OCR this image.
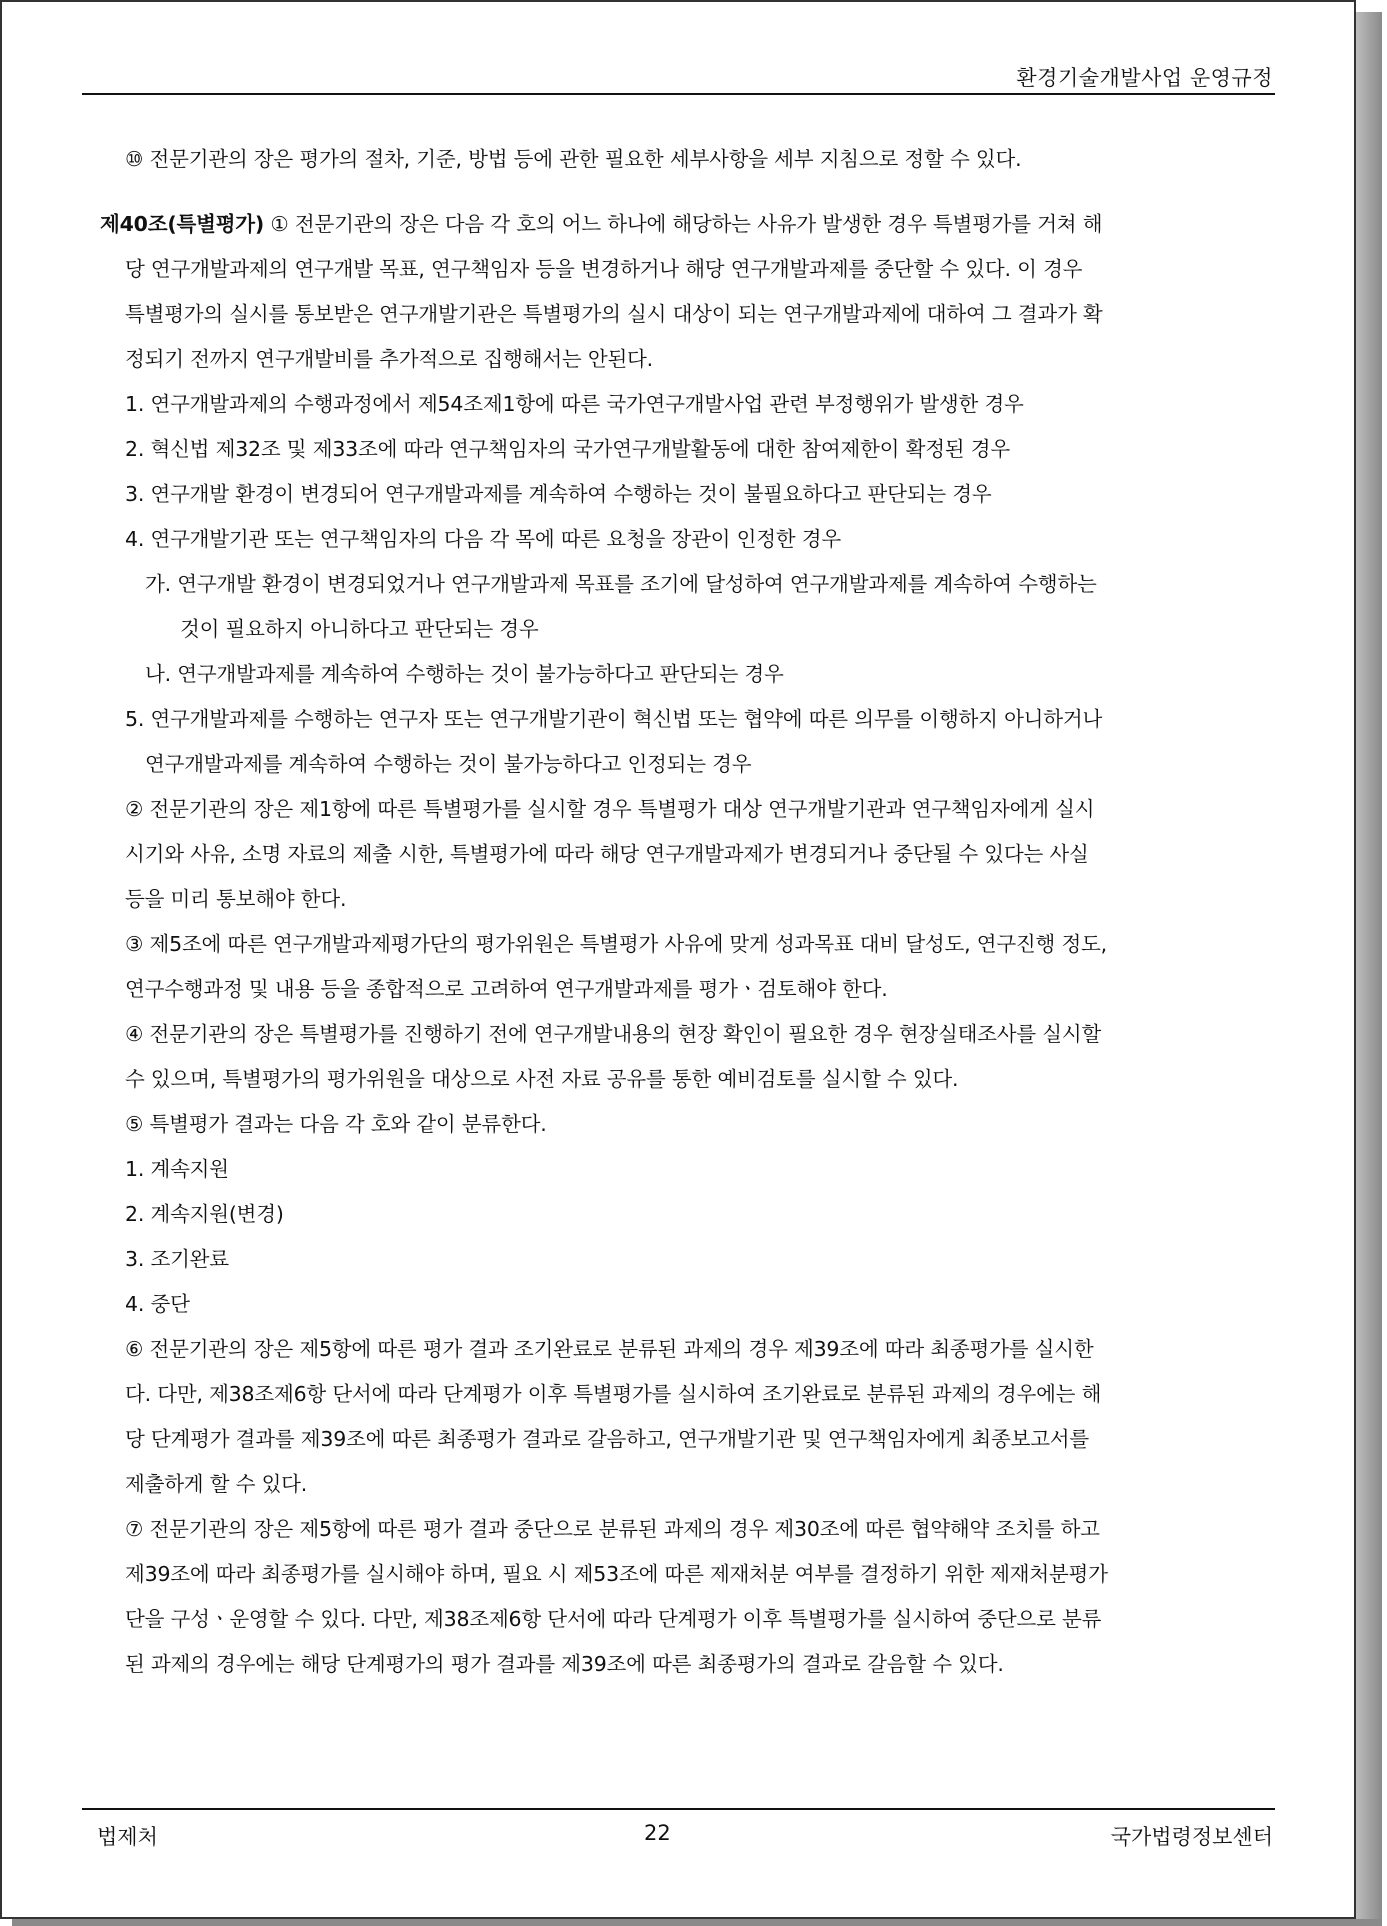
환경기술개발사업 운영규정
⑩ 전문기관의 장은 평가의 절차, 기준, 방법 등에 관한 필요한 세부사항을 세부 지침으로 정할 수 있다.
제40조(특별평가) ① 전문기관의 장은 다음 각 호의 어느 하나에 해당하는 사유가 발생한 경우 특별평가를 거쳐 해
당 연구개발과제의 연구개발 목표, 연구책임자 등을 변경하거나 해당 연구개발과제를 중단할 수 있다. 이 경우
특별평가의 실시를 통보받은 연구개발기관은 특별평가의 실시 대상이 되는 연구개발과제에 대하여 그 결과가 확
정되기 전까지 연구개발비를 추가적으로 집행해서는 안된다.
1. 연구개발과제의 수행과정에서 제54조제1항에 따른 국가연구개발사업 관련 부정행위가 발생한 경우
2. 혁신법 제32조 및 제33조에 따라 연구책임자의 국가연구개발활동에 대한 참여제한이 확정된 경우
3. 연구개발 환경이 변경되어 연구개발과제를 계속하여 수행하는 것이 불필요하다고 판단되는 경우
4. 연구개발기관 또는 연구책임자의 다음 각 목에 따른 요청을 장관이 인정한 경우
가. 연구개발 환경이 변경되었거나 연구개발과제 목표를 조기에 달성하여 연구개발과제를 계속하여 수행하는
것이 필요하지 아니하다고 판단되는 경우
나. 연구개발과제를 계속하여 수행하는 것이 불가능하다고 판단되는 경우
5. 연구개발과제를 수행하는 연구자 또는 연구개발기관이 혁신법 또는 협약에 따른 의무를 이행하지 아니하거나
연구개발과제를 계속하여 수행하는 것이 불가능하다고 인정되는 경우
② 전문기관의 장은 제1항에 따른 특별평가를 실시할 경우 특별평가 대상 연구개발기관과 연구책임자에게 실시
시기와 사유, 소명 자료의 제출 시한, 특별평가에 따라 해당 연구개발과제가 변경되거나 중단될 수 있다는 사실
등을 미리 통보해야 한다.
③ 제5조에 따른 연구개발과제평가단의 평가위원은 특별평가 사유에 맞게 성과목표 대비 달성도, 연구진행 정도,
연구수행과정 및 내용 등을 종합적으로 고려하여 연구개발과제를 평가ㆍ검토해야 한다.
④ 전문기관의 장은 특별평가를 진행하기 전에 연구개발내용의 현장 확인이 필요한 경우 현장실태조사를 실시할
수 있으며, 특별평가의 평가위원을 대상으로 사전 자료 공유를 통한 예비검토를 실시할 수 있다.
⑤ 특별평가 결과는 다음 각 호와 같이 분류한다.
1. 계속지원
2. 계속지원(변경)
3. 조기완료
4. 중단
⑥ 전문기관의 장은 제5항에 따른 평가 결과 조기완료로 분류된 과제의 경우 제39조에 따라 최종평가를 실시한
다. 다만, 제38조제6항 단서에 따라 단계평가 이후 특별평가를 실시하여 조기완료로 분류된 과제의 경우에는 해
당 단계평가 결과를 제39조에 따른 최종평가 결과로 갈음하고, 연구개발기관 및 연구책임자에게 최종보고서를
제출하게 할 수 있다.
⑦ 전문기관의 장은 제5항에 따른 평가 결과 중단으로 분류된 과제의 경우 제30조에 따른 협약해약 조치를 하고
제39조에 따라 최종평가를 실시해야 하며, 필요 시 제53조에 따른 제재처분 여부를 결정하기 위한 제재처분평가
단을 구성ㆍ운영할 수 있다. 다만, 제38조제6항 단서에 따라 단계평가 이후 특별평가를 실시하여 중단으로 분류
된 과제의 경우에는 해당 단계평가의 평가 결과를 제39조에 따른 최종평가의 결과로 갈음할 수 있다.
법제처	22	국가법령정보센터
